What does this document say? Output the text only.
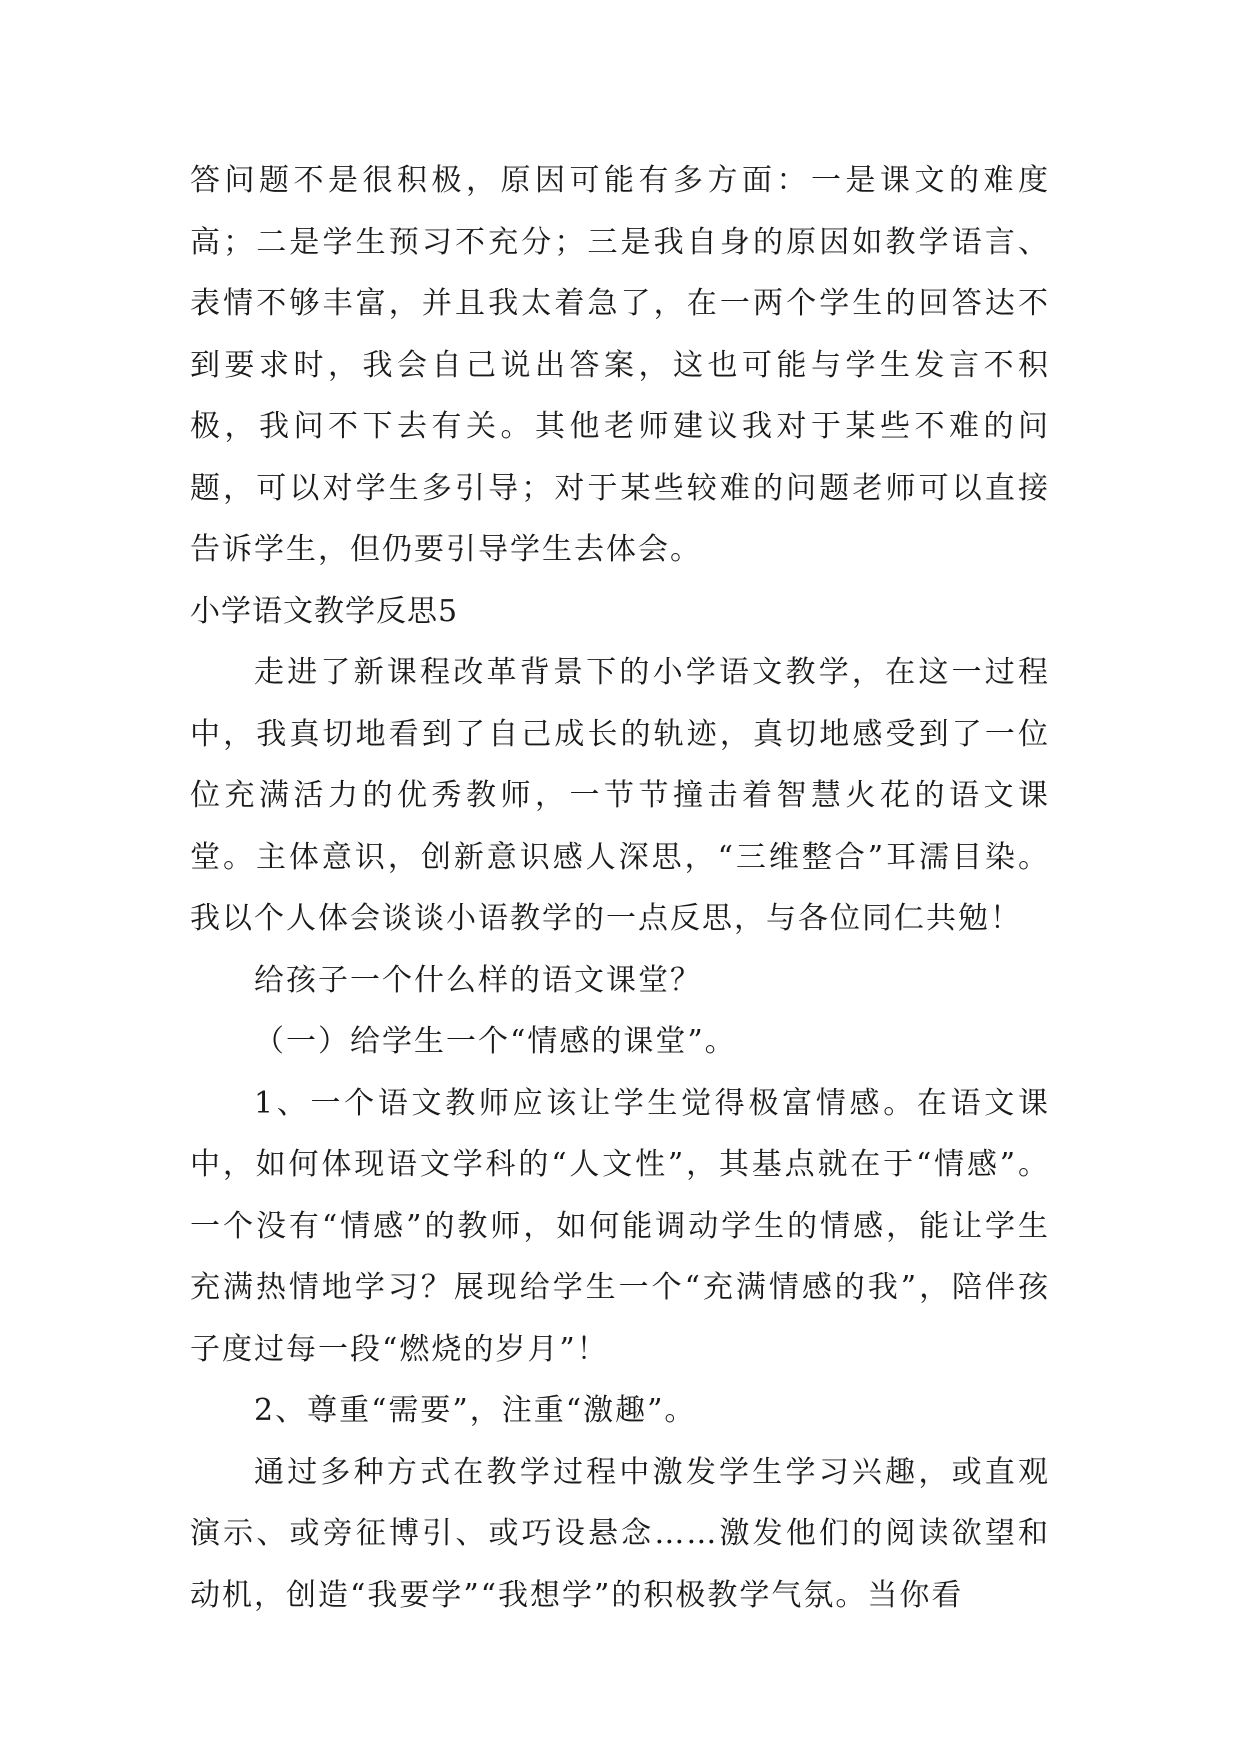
答问题不是很积极，原因可能有多方面：一是课文的难度高；二是学生预习不充分；三是我自身的原因如教学语言、表情不够丰富，并且我太着急了，在一两个学生的回答达不到要求时，我会自己说出答案，这也可能与学生发言不积极，我问不下去有关。其他老师建议我对于某些不难的问题，可以对学生多引导；对于某些较难的问题老师可以直接告诉学生，但仍要引导学生去体会。

小学语文教学反思5

走进了新课程改革背景下的小学语文教学，在这一过程中，我真切地看到了自己成长的轨迹，真切地感受到了一位位充满活力的优秀教师，一节节撞击着智慧火花的语文课堂。主体意识，创新意识感人深思，“三维整合”耳濡目染。我以个人体会谈谈小语教学的一点反思，与各位同仁共勉！

给孩子一个什么样的语文课堂？

（一）给学生一个“情感的课堂”。

1、一个语文教师应该让学生觉得极富情感。在语文课中，如何体现语文学科的“人文性”，其基点就在于“情感”。一个没有“情感”的教师，如何能调动学生的情感，能让学生充满热情地学习？展现给学生一个“充满情感的我”，陪伴孩子度过每一段“燃烧的岁月”！

2、尊重“需要”，注重“激趣”。

通过多种方式在教学过程中激发学生学习兴趣，或直观演示、或旁征博引、或巧设悬念……激发他们的阅读欲望和动机，创造“我要学”“我想学”的积极教学气氛。当你看
